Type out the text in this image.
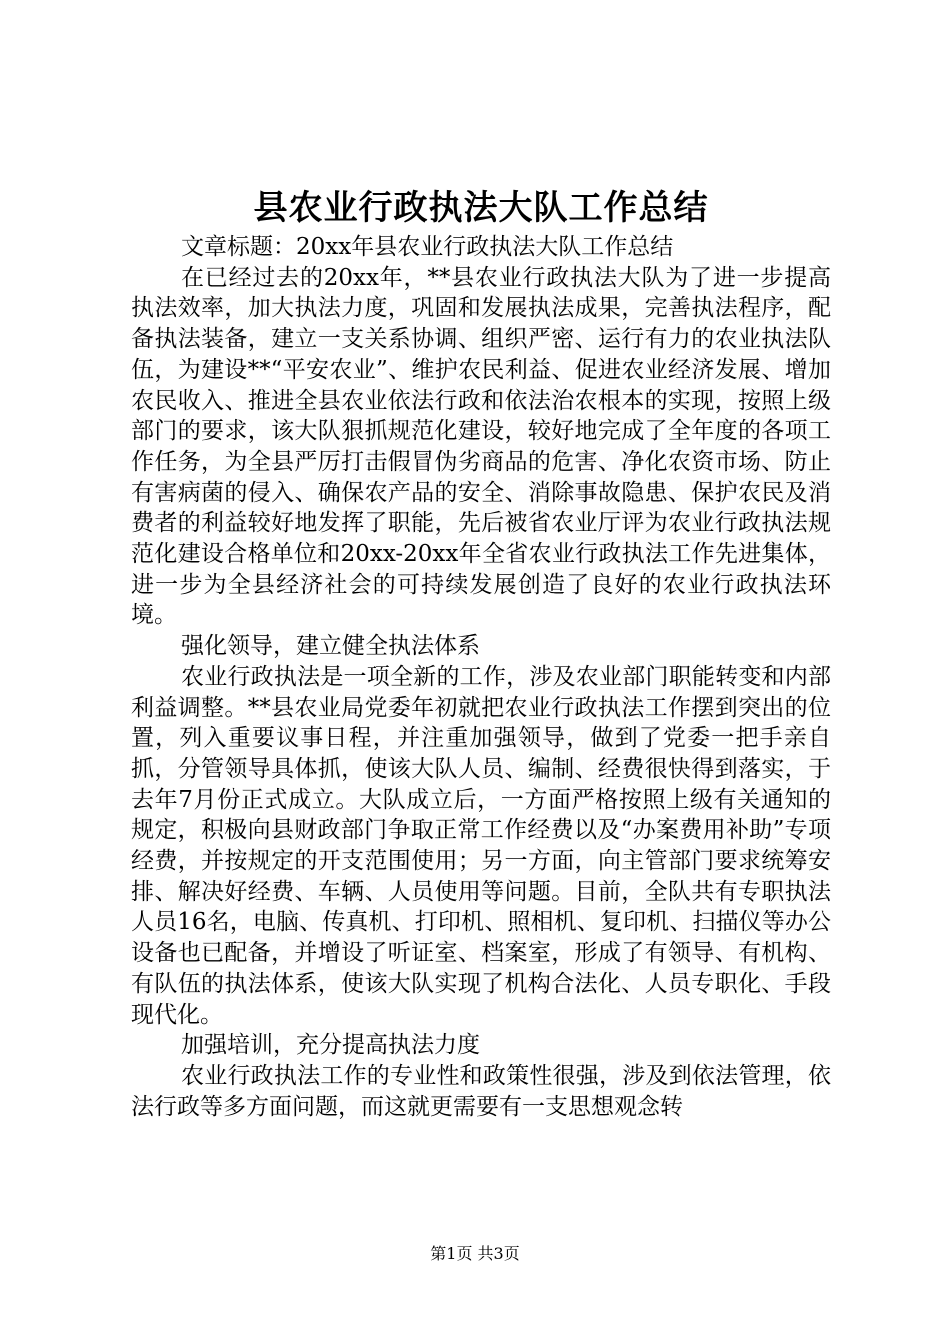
县农业行政执法大队工作总结

文章标题：20xx年县农业行政执法大队工作总结

在已经过去的20xx年，**县农业行政执法大队为了进一步提高执法效率，加大执法力度，巩固和发展执法成果，完善执法程序，配备执法装备，建立一支关系协调、组织严密、运行有力的农业执法队伍，为建设**“平安农业”、维护农民利益、促进农业经济发展、增加农民收入、推进全县农业依法行政和依法治农根本的实现，按照上级部门的要求，该大队狠抓规范化建设，较好地完成了全年度的各项工作任务，为全县严厉打击假冒伪劣商品的危害、净化农资市场、防止有害病菌的侵入、确保农产品的安全、消除事故隐患、保护农民及消费者的利益较好地发挥了职能，先后被省农业厅评为农业行政执法规范化建设合格单位和20xx-20xx年全省农业行政执法工作先进集体，进一步为全县经济社会的可持续发展创造了良好的农业行政执法环境。

强化领导，建立健全执法体系

农业行政执法是一项全新的工作，涉及农业部门职能转变和内部利益调整。**县农业局党委年初就把农业行政执法工作摆到突出的位置，列入重要议事日程，并注重加强领导，做到了党委一把手亲自抓，分管领导具体抓，使该大队人员、编制、经费很快得到落实，于去年7月份正式成立。大队成立后，一方面严格按照上级有关通知的规定，积极向县财政部门争取正常工作经费以及“办案费用补助”专项经费，并按规定的开支范围使用；另一方面，向主管部门要求统筹安排、解决好经费、车辆、人员使用等问题。目前，全队共有专职执法人员16名，电脑、传真机、打印机、照相机、复印机、扫描仪等办公设备也已配备，并增设了听证室、档案室，形成了有领导、有机构、有队伍的执法体系，使该大队实现了机构合法化、人员专职化、手段现代化。

加强培训，充分提高执法力度

农业行政执法工作的专业性和政策性很强，涉及到依法管理，依法行政等多方面问题，而这就更需要有一支思想观念转

第1页 共3页
